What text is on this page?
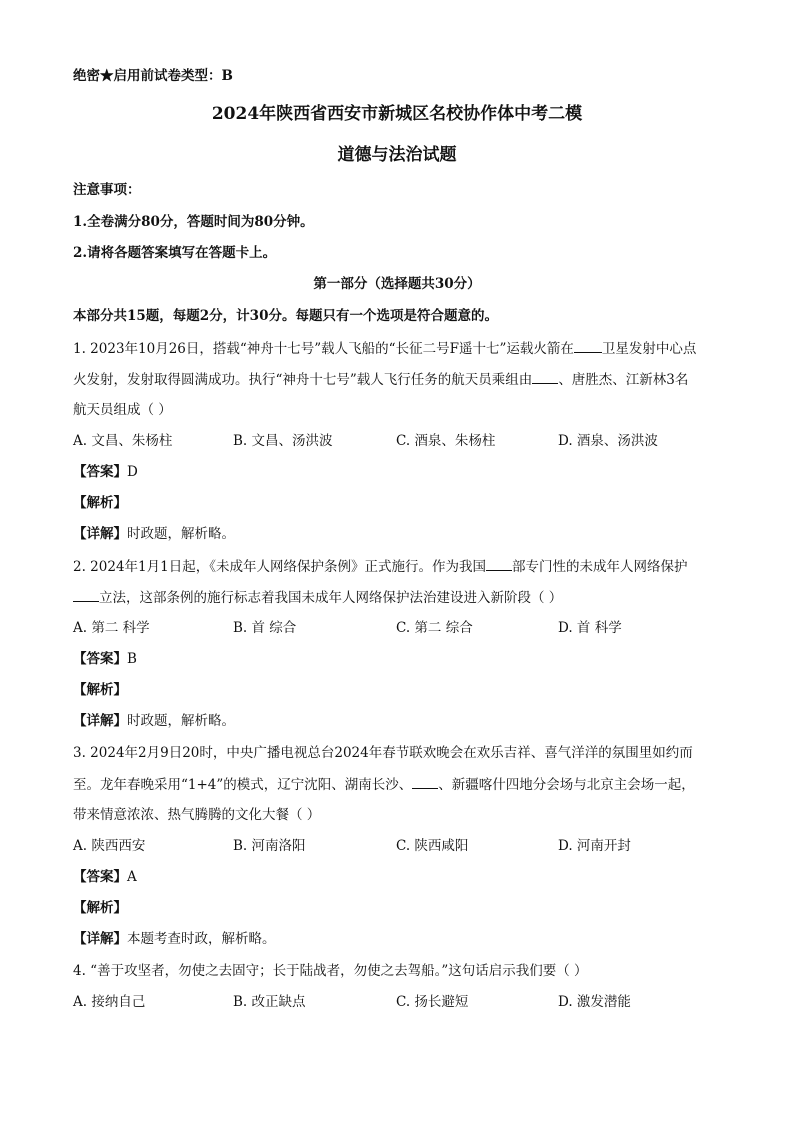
绝密★启用前试卷类型：B
2024年陕西省西安市新城区名校协作体中考二模
道德与法治试题
注意事项：
1.全卷满分80分，答题时间为80分钟。
2.请将各题答案填写在答题卡上。
第一部分（选择题共30分）
本部分共15题，每题2分，计30分。每题只有一个选项是符合题意的。
1. 2023年10月26日，搭载“神舟十七号”载人飞船的“长征二号F遥十七”运载火箭在 卫星发射中心点
火发射，发射取得圆满成功。执行“神舟十七号”载人飞行任务的航天员乘组由 、唐胜杰、江新林3名
航天员组成（ ）
A. 文昌、朱杨柱	B. 文昌、汤洪波	C. 酒泉、朱杨柱	D. 酒泉、汤洪波
【答案】D
【解析】
【详解】时政题，解析略。
2. 2024年1月1日起，《未成年人网络保护条例》正式施行。作为我国 部专门性的未成年人网络保护
立法，这部条例的施行标志着我国未成年人网络保护法治建设进入新阶段（ ）
A. 第二 科学	B. 首 综合	C. 第二 综合	D. 首 科学
【答案】B
【解析】
【详解】时政题，解析略。
3. 2024年2月9日20时，中央广播电视总台2024年春节联欢晚会在欢乐吉祥、喜气洋洋的氛围里如约而
至。龙年春晚采用“1+4”的模式，辽宁沈阳、湖南长沙、 、新疆喀什四地分会场与北京主会场一起，
带来情意浓浓、热气腾腾的文化大餐（ ）
A. 陕西西安	B. 河南洛阳	C. 陕西咸阳	D. 河南开封
【答案】A
【解析】
【详解】本题考查时政，解析略。
4. “善于攻坚者，勿使之去固守；长于陆战者，勿使之去驾船。”这句话启示我们要（ ）
A. 接纳自己	B. 改正缺点	C. 扬长避短	D. 激发潜能
